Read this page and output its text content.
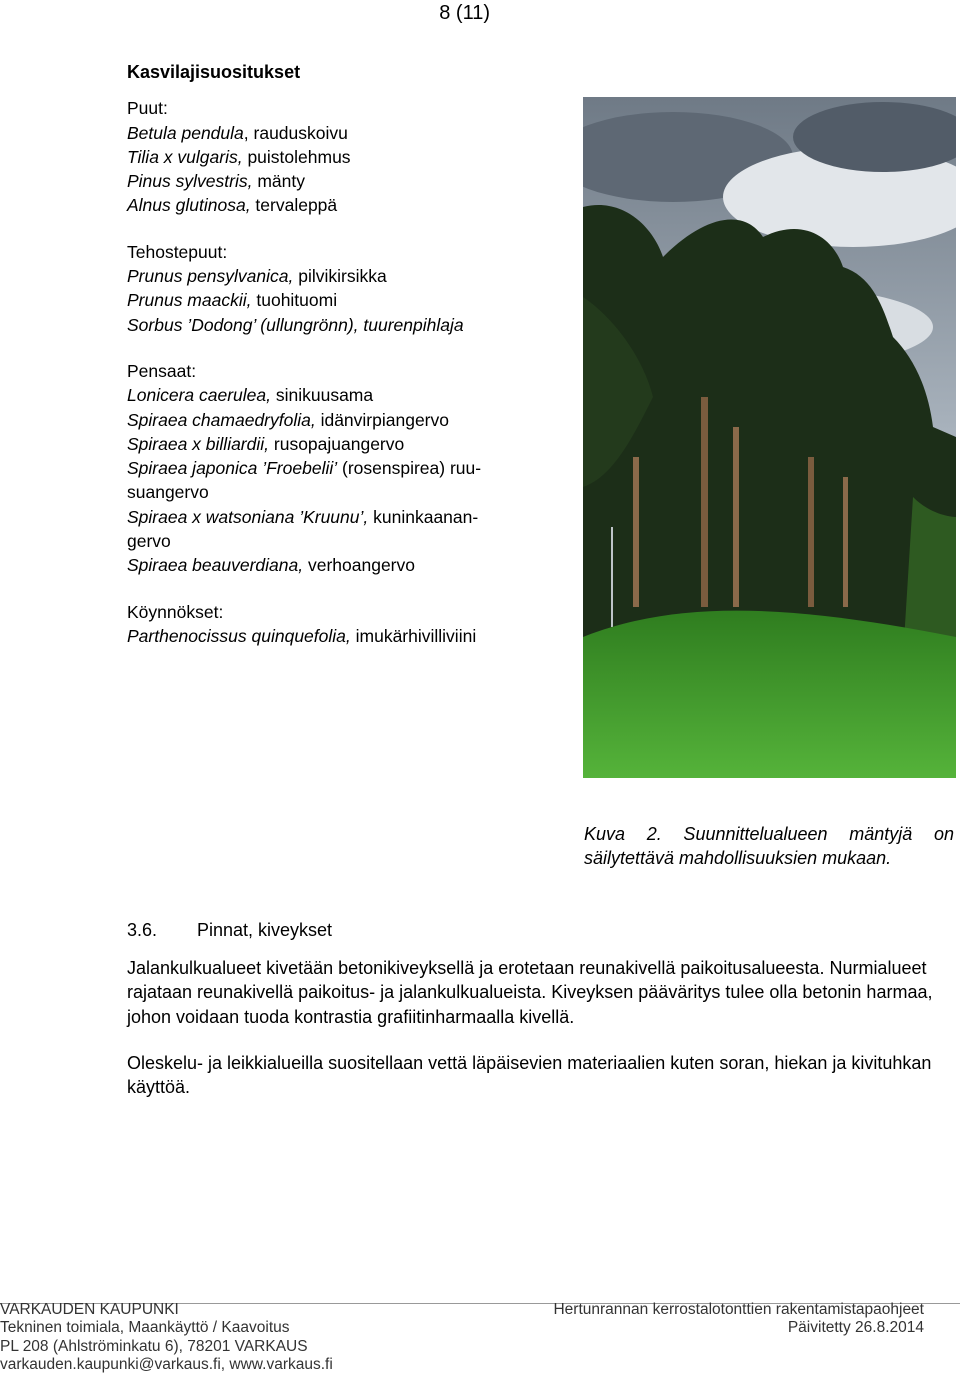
8 (11)
Kasvilajisuositukset
Puut:
Betula pendula, rauduskoivu
Tilia x vulgaris, puistolehmus
Pinus sylvestris, mänty
Alnus glutinosa, tervaleppä
Tehostepuut:
Prunus pensylvanica, pilvikirsikka
Prunus maackii, tuohituomi
Sorbus ’Dodong’ (ullungrönn), tuurenpihlaja
Pensaat:
Lonicera caerulea, sinikuusama
Spiraea chamaedryfolia, idänvirpiangervo
Spiraea x billiardii, rusopajuangervo
Spiraea japonica ’Froebelii’ (rosenspirea) ruu-
suangervo
Spiraea x watsoniana ’Kruunu’, kuninkaanan-
gervo
Spiraea beauverdiana, verhoangervo
Köynnökset:
Parthenocissus quinquefolia, imukärhivilliviini
Kuva 2. Suunnittelualueen mäntyjä on säilytettävä mahdollisuuksien mukaan.
3.6. Pinnat, kiveykset

Jalankulkualueet kivetään betonikiveyksellä ja erotetaan reunakivellä paikoitusalueesta. Nurmialueet rajataan reunakivellä paikoitus- ja jalankulkualueista. Kiveyksen pääväritys tulee olla betonin harmaa, johon voidaan tuoda kontrastia grafiitinharmaalla kivellä.

Oleskelu- ja leikkialueilla suositellaan vettä läpäisevien materiaalien kuten soran, hiekan ja kivituhkan käyttöä.

VARKAUDEN KAUPUNKI
Tekninen toimiala, Maankäyttö / Kaavoitus
PL 208 (Ahlströminkatu 6), 78201 VARKAUS
varkauden.kaupunki@varkaus.fi, www.varkaus.fi
Hertunrannan kerrostalotonttien rakentamistapaohjeet
Päivitetty 26.8.2014
